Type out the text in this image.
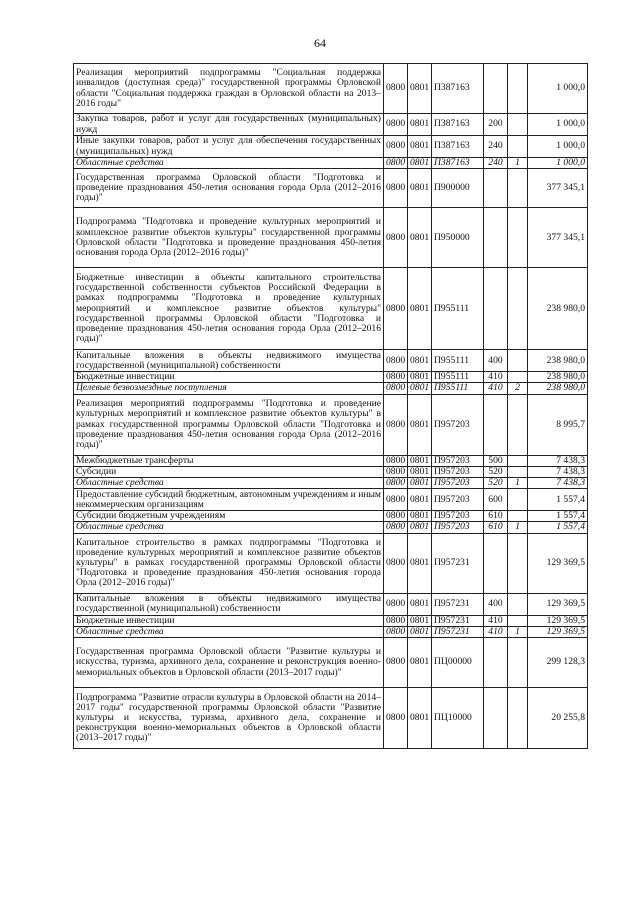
64
Реализация мероприятий подпрограммы "Социальная поддержка инвалидов (доступная среда)" государственной программы Орловской области "Социальная поддержка граждан в Орловской области на 2013–2016 годы"	0800	0801	П387163			1 000,0
Закупка товаров, работ и услуг для государственных (муниципальных) нужд	0800	0801	П387163	200		1 000,0
Иные закупки товаров, работ и услуг для обеспечения государственных (муниципальных) нужд	0800	0801	П387163	240		1 000,0
Областные средства	0800	0801	П387163	240	1	1 000,0
Государственная программа Орловской области "Подготовка и проведение празднования 450-летия основания города Орла (2012–2016 годы)"	0800	0801	П900000			377 345,1
Подпрограмма "Подготовка и проведение культурных мероприятий и комплексное развитие объектов культуры" государственной программы Орловской области "Подготовка и проведение празднования 450-летия основания города Орла (2012–2016 годы)"	0800	0801	П950000			377 345,1
Бюджетные инвестиции в объекты капитального строительства государственной собственности субъектов Российской Федерации в рамках подпрограммы "Подготовка и проведение культурных мероприятий и комплексное развитие объектов культуры" государственной программы Орловской области "Подготовка и проведение празднования 450-летия основания города Орла (2012–2016 годы)"	0800	0801	П955111			238 980,0
Капитальные вложения в объекты недвижимого имущества государственной (муниципальной) собственности	0800	0801	П955111	400		238 980,0
Бюджетные инвестиции	0800	0801	П955111	410		238 980,0
Целевые безвозмездные поступления	0800	0801	П955111	410	2	238 980,0
Реализация мероприятий подпрограммы "Подготовка и проведение культурных мероприятий и комплексное развитие объектов культуры" в рамках государственной программы Орловской области "Подготовка и проведение празднования 450-летия основания города Орла (2012–2016 годы)"	0800	0801	П957203			8 995,7
Межбюджетные трансферты	0800	0801	П957203	500		7 438,3
Субсидии	0800	0801	П957203	520		7 438,3
Областные средства	0800	0801	П957203	520	1	7 438,3
Предоставление субсидий бюджетным, автономным учреждениям и иным некоммерческим организациям	0800	0801	П957203	600		1 557,4
Субсидии бюджетным учреждениям	0800	0801	П957203	610		1 557,4
Областные средства	0800	0801	П957203	610	1	1 557,4
Капитальное строительство в рамках подпрограммы "Подготовка и проведение культурных мероприятий и комплексное развитие объектов культуры" в рамках государственной программы Орловской области "Подготовка и проведение празднования 450-летия основания города Орла (2012–2016 годы)"	0800	0801	П957231			129 369,5
Капитальные вложения в объекты недвижимого имущества государственной (муниципальной) собственности	0800	0801	П957231	400		129 369,5
Бюджетные инвестиции	0800	0801	П957231	410		129 369,5
Областные средства	0800	0801	П957231	410	1	129 369,5
Государственная программа Орловской области "Развитие культуры и искусства, туризма, архивного дела, сохранение и реконструкция военно-мемориальных объектов в Орловской области (2013–2017 годы)"	0800	0801	ПЦ00000			299 128,3
Подпрограмма "Развитие отрасли культуры в Орловской области на 2014–2017 годы" государственной программы Орловской области "Развитие культуры и искусства, туризма, архивного дела, сохранение и реконструкция военно-мемориальных объектов в Орловской области (2013–2017 годы)"	0800	0801	ПЦ10000			20 255,8
